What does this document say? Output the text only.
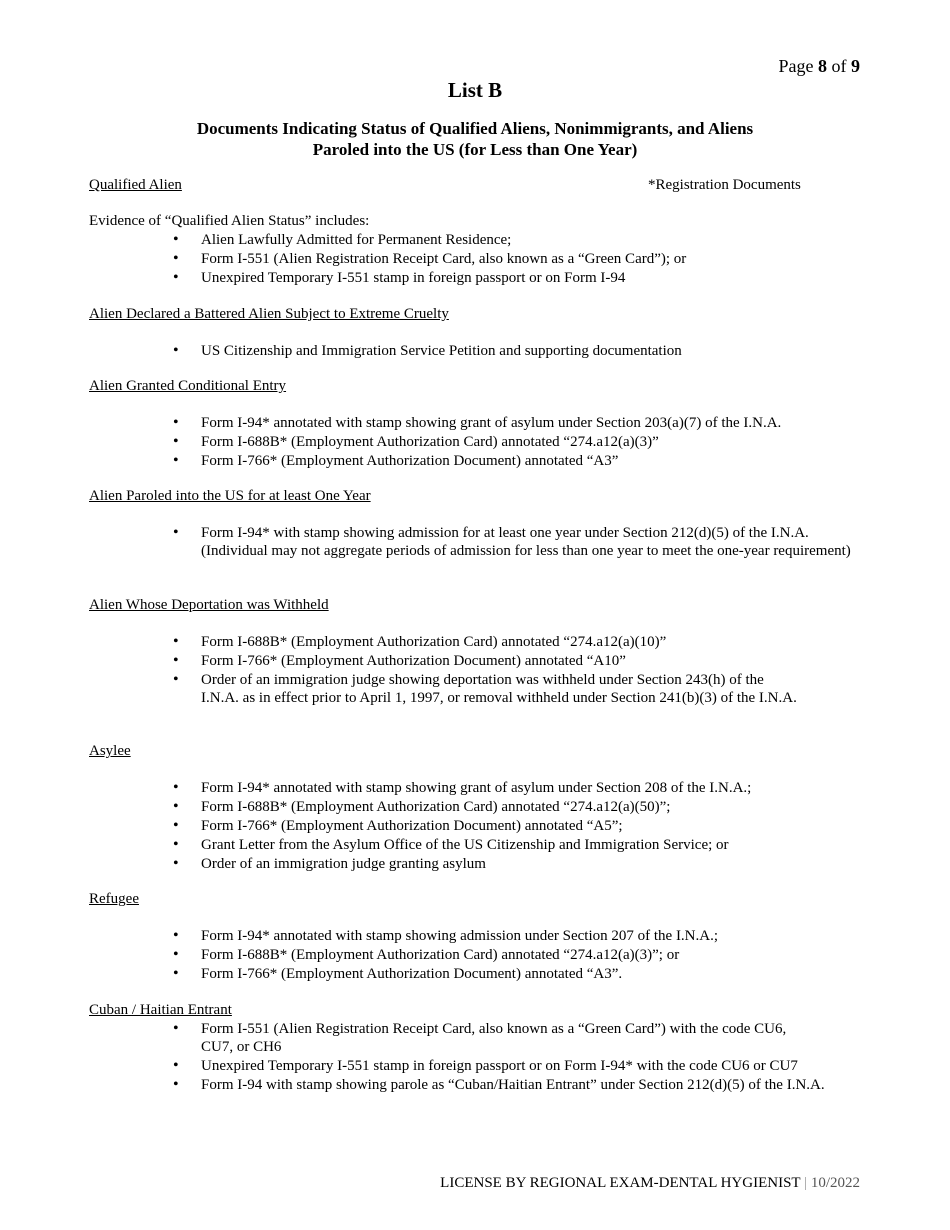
Page 8 of 9
List B
Documents Indicating Status of Qualified Aliens, Nonimmigrants, and Aliens
Paroled into the US (for Less than One Year)
Qualified Alien	*Registration Documents
Evidence of “Qualified Alien Status” includes:
• Alien Lawfully Admitted for Permanent Residence;
• Form I-551 (Alien Registration Receipt Card, also known as a “Green Card”); or
• Unexpired Temporary I-551 stamp in foreign passport or on Form I-94
Alien Declared a Battered Alien Subject to Extreme Cruelty
• US Citizenship and Immigration Service Petition and supporting documentation
Alien Granted Conditional Entry
• Form I-94* annotated with stamp showing grant of asylum under Section 203(a)(7) of the I.N.A.
• Form I-688B* (Employment Authorization Card) annotated “274.a12(a)(3)”
• Form I-766* (Employment Authorization Document) annotated “A3”
Alien Paroled into the US for at least One Year
• Form I-94* with stamp showing admission for at least one year under Section 212(d)(5) of the I.N.A. (Individual may not aggregate periods of admission for less than one year to meet the one-year requirement)
Alien Whose Deportation was Withheld
• Form I-688B* (Employment Authorization Card) annotated “274.a12(a)(10)”
• Form I-766* (Employment Authorization Document) annotated “A10”
• Order of an immigration judge showing deportation was withheld under Section 243(h) of the I.N.A. as in effect prior to April 1, 1997, or removal withheld under Section 241(b)(3) of the I.N.A.
Asylee
• Form I-94* annotated with stamp showing grant of asylum under Section 208 of the I.N.A.;
• Form I-688B* (Employment Authorization Card) annotated “274.a12(a)(50)”;
• Form I-766* (Employment Authorization Document) annotated “A5”;
• Grant Letter from the Asylum Office of the US Citizenship and Immigration Service; or
• Order of an immigration judge granting asylum
Refugee
• Form I-94* annotated with stamp showing admission under Section 207 of the I.N.A.;
• Form I-688B* (Employment Authorization Card) annotated “274.a12(a)(3)”; or
• Form I-766* (Employment Authorization Document) annotated “A3”.
Cuban / Haitian Entrant
• Form I-551 (Alien Registration Receipt Card, also known as a “Green Card”) with the code CU6, CU7, or CH6
• Unexpired Temporary I-551 stamp in foreign passport or on Form I-94* with the code CU6 or CU7
• Form I-94 with stamp showing parole as “Cuban/Haitian Entrant” under Section 212(d)(5) of the I.N.A.
LICENSE BY REGIONAL EXAM-DENTAL HYGIENIST | 10/2022
